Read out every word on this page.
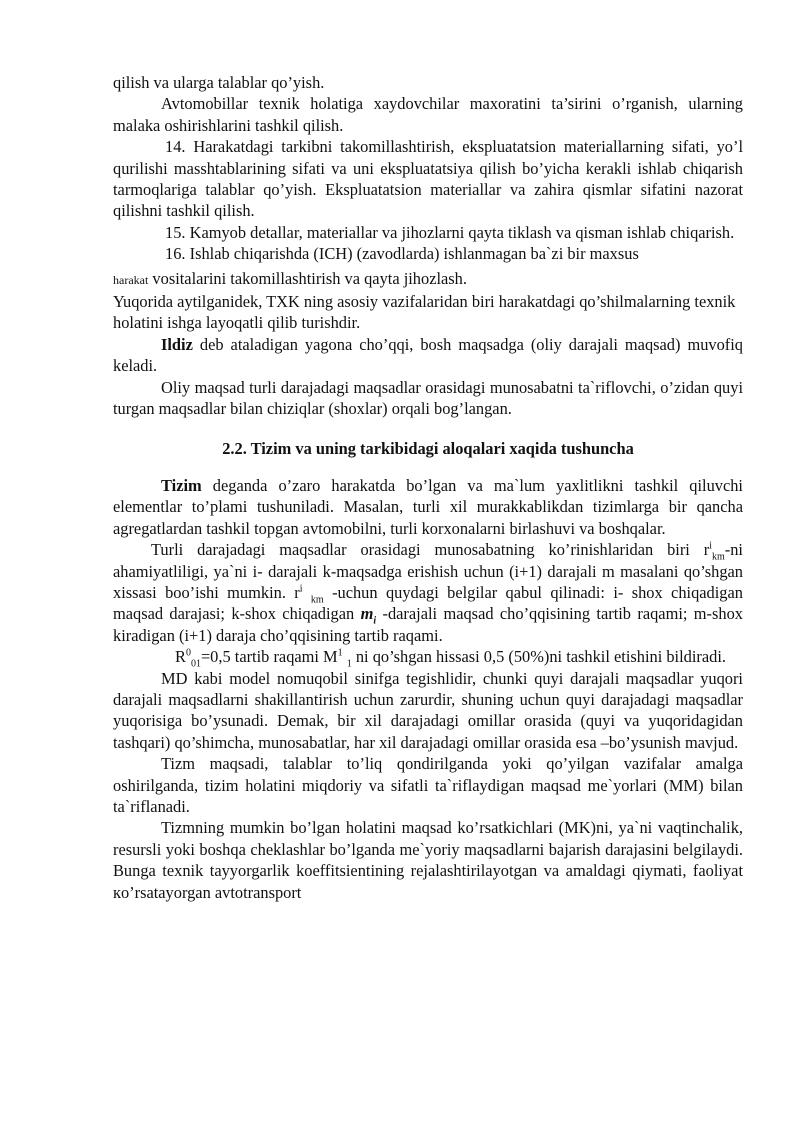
qilish va ularga talablar qo’yish.

Avtomobillar texnik holatiga xaydovchilar maxoratini ta’sirini o’rganish, ularning malaka oshirishlarini tashkil qilish.

14. Harakatdagi tarkibni takomillashtirish, ekspluatatsion materiallarning sifati, yo’l qurilishi masshtablarining sifati va uni ekspluatatsiya qilish bo’yicha kerakli ishlab chiqarish tarmoqlariga talablar qo’yish. Ekspluatatsion materiallar va zahira qismlar sifatini nazorat qilishni tashkil qilish.

15. Kamyob detallar, materiallar va jihozlarni qayta tiklash va qisman ishlab chiqarish.

16. Ishlab chiqarishda (ICH) (zavodlarda) ishlanmagan ba`zi bir maxsus

harakat vositalarini takomillashtirish va qayta jihozlash.

Yuqorida aytilganidek, TXK ning asosiy vazifalaridan biri harakatdagi qo’shilmalarning texnik holatini ishga layoqatli qilib turishdir.

Ildiz deb ataladigan yagona cho’qqi, bosh maqsadga (oliy darajali maqsad) muvofiq keladi.

Oliy maqsad turli darajadagi maqsadlar orasidagi munosabatni ta`riflovchi, o’zidan quyi turgan maqsadlar bilan chiziqlar (shoxlar) orqali bog’langan.

2.2. Tizim va uning tarkibidagi aloqalari xaqida tushuncha

Tizim deganda o’zaro harakatda bo’lgan va ma`lum yaxlitlikni tashkil qiluvchi elementlar to’plami tushuniladi. Masalan, turli xil murakkablikdan tizimlarga bir qancha agregatlardan tashkil topgan avtomobilni, turli korxonalarni birlashuvi va boshqalar.

Turli darajadagi maqsadlar orasidagi munosabatning ko’rinishlaridan biri $r^i_{km}-ni$ ahamiyatliligi, ya`ni i- darajali k-maqsadga erishish uchun (i+1) darajali m masalani qo’shgan xissasi boo’ishi mumkin. $r^i$ $_{km}$ -uchun quydagi belgilar qabul qilinadi: i- shox chiqadigan maqsad darajasi; k-shox chiqadigan $m_i$ -darajali maqsad cho’qqisining tartib raqami; m-shox kiradigan (i+1) daraja cho’qqisining tartib raqami.

$R^0_{01}=0,5$ tartib raqami $M^1$ $_1$ ni qo’shgan hissasi 0,5 (50%)ni tashkil etishini bildiradi.

MD kabi model nomuqobil sinifga tegishlidir, chunki quyi darajali maqsadlar yuqori darajali maqsadlarni shakillantirish uchun zarurdir, shuning uchun quyi darajadagi maqsadlar yuqorisiga bo’ysunadi. Demak, bir xil darajadagi omillar orasida (quyi va yuqoridagidan tashqari) qo’shimcha, munosabatlar, har xil darajadagi omillar orasida esa –bo’ysunish mavjud.

Tizm maqsadi, talablar to’liq qondirilganda yoki qo’yilgan vazifalar amalga oshirilganda, tizim holatini miqdoriy va sifatli ta`riflaydigan maqsad me`yorlari (MM) bilan ta`riflanadi.

Tizmning mumkin bo’lgan holatini maqsad ko’rsatkichlari (MK)ni, ya`ni vaqtinchalik, resursli yoki boshqa cheklashlar bo’lganda me`yoriy maqsadlarni bajarish darajasini belgilaydi. Bunga texnik tayyorgarlik koeffitsientining rejalashtirilayotgan va amaldagi qiymati, faoliyat кo’rsatayorgan avtotransport
